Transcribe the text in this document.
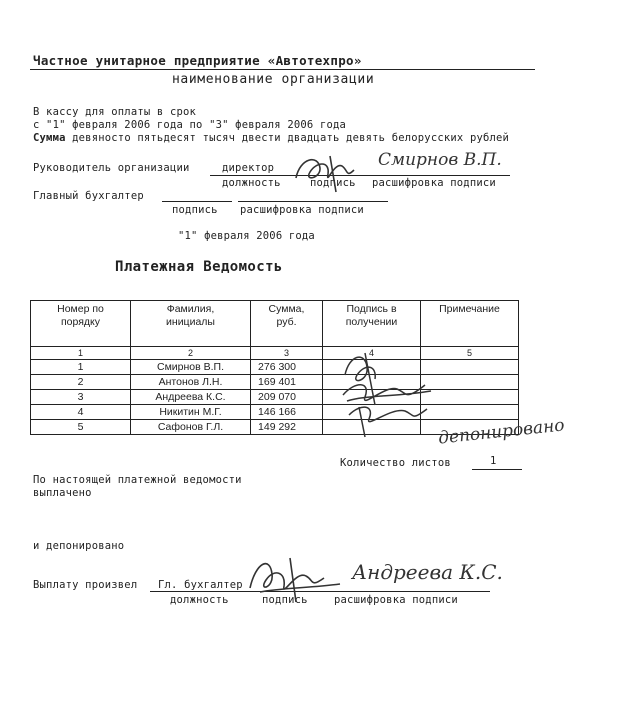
Частное унитарное предприятие «Автотехпро»
наименование организации
В кассу для оплаты в срок
с "1" февраля 2006 года по "3" февраля 2006 года
Сумма девяносто пятьдесят тысяч двести двадцать девять белорусских рублей
Руководитель организации	директор
должность	подпись расшифровка подписи
Смирнов В.П.
Главный бухгалтер
подпись расшифровка подписи
"1" февраля 2006 года
Платежная Ведомость
Номер по порядку	Фамилия, инициалы	Сумма, руб.	Подпись в получении	Примечание
1	2	3	4	5
1	Смирнов В.П.	276 300		
2	Антонов Л.Н.	169 401		
3	Андреева К.С.	209 070		
4	Никитин М.Г.	146 166		
5	Сафонов Г.Л.	149 292			депонировано
Количество листов	1
По настоящей платежной ведомости
выплачено
и депонировано
Выплату произвел Гл. бухгалтер
должность	подпись	расшифровка подписи
Андреева К.С.
